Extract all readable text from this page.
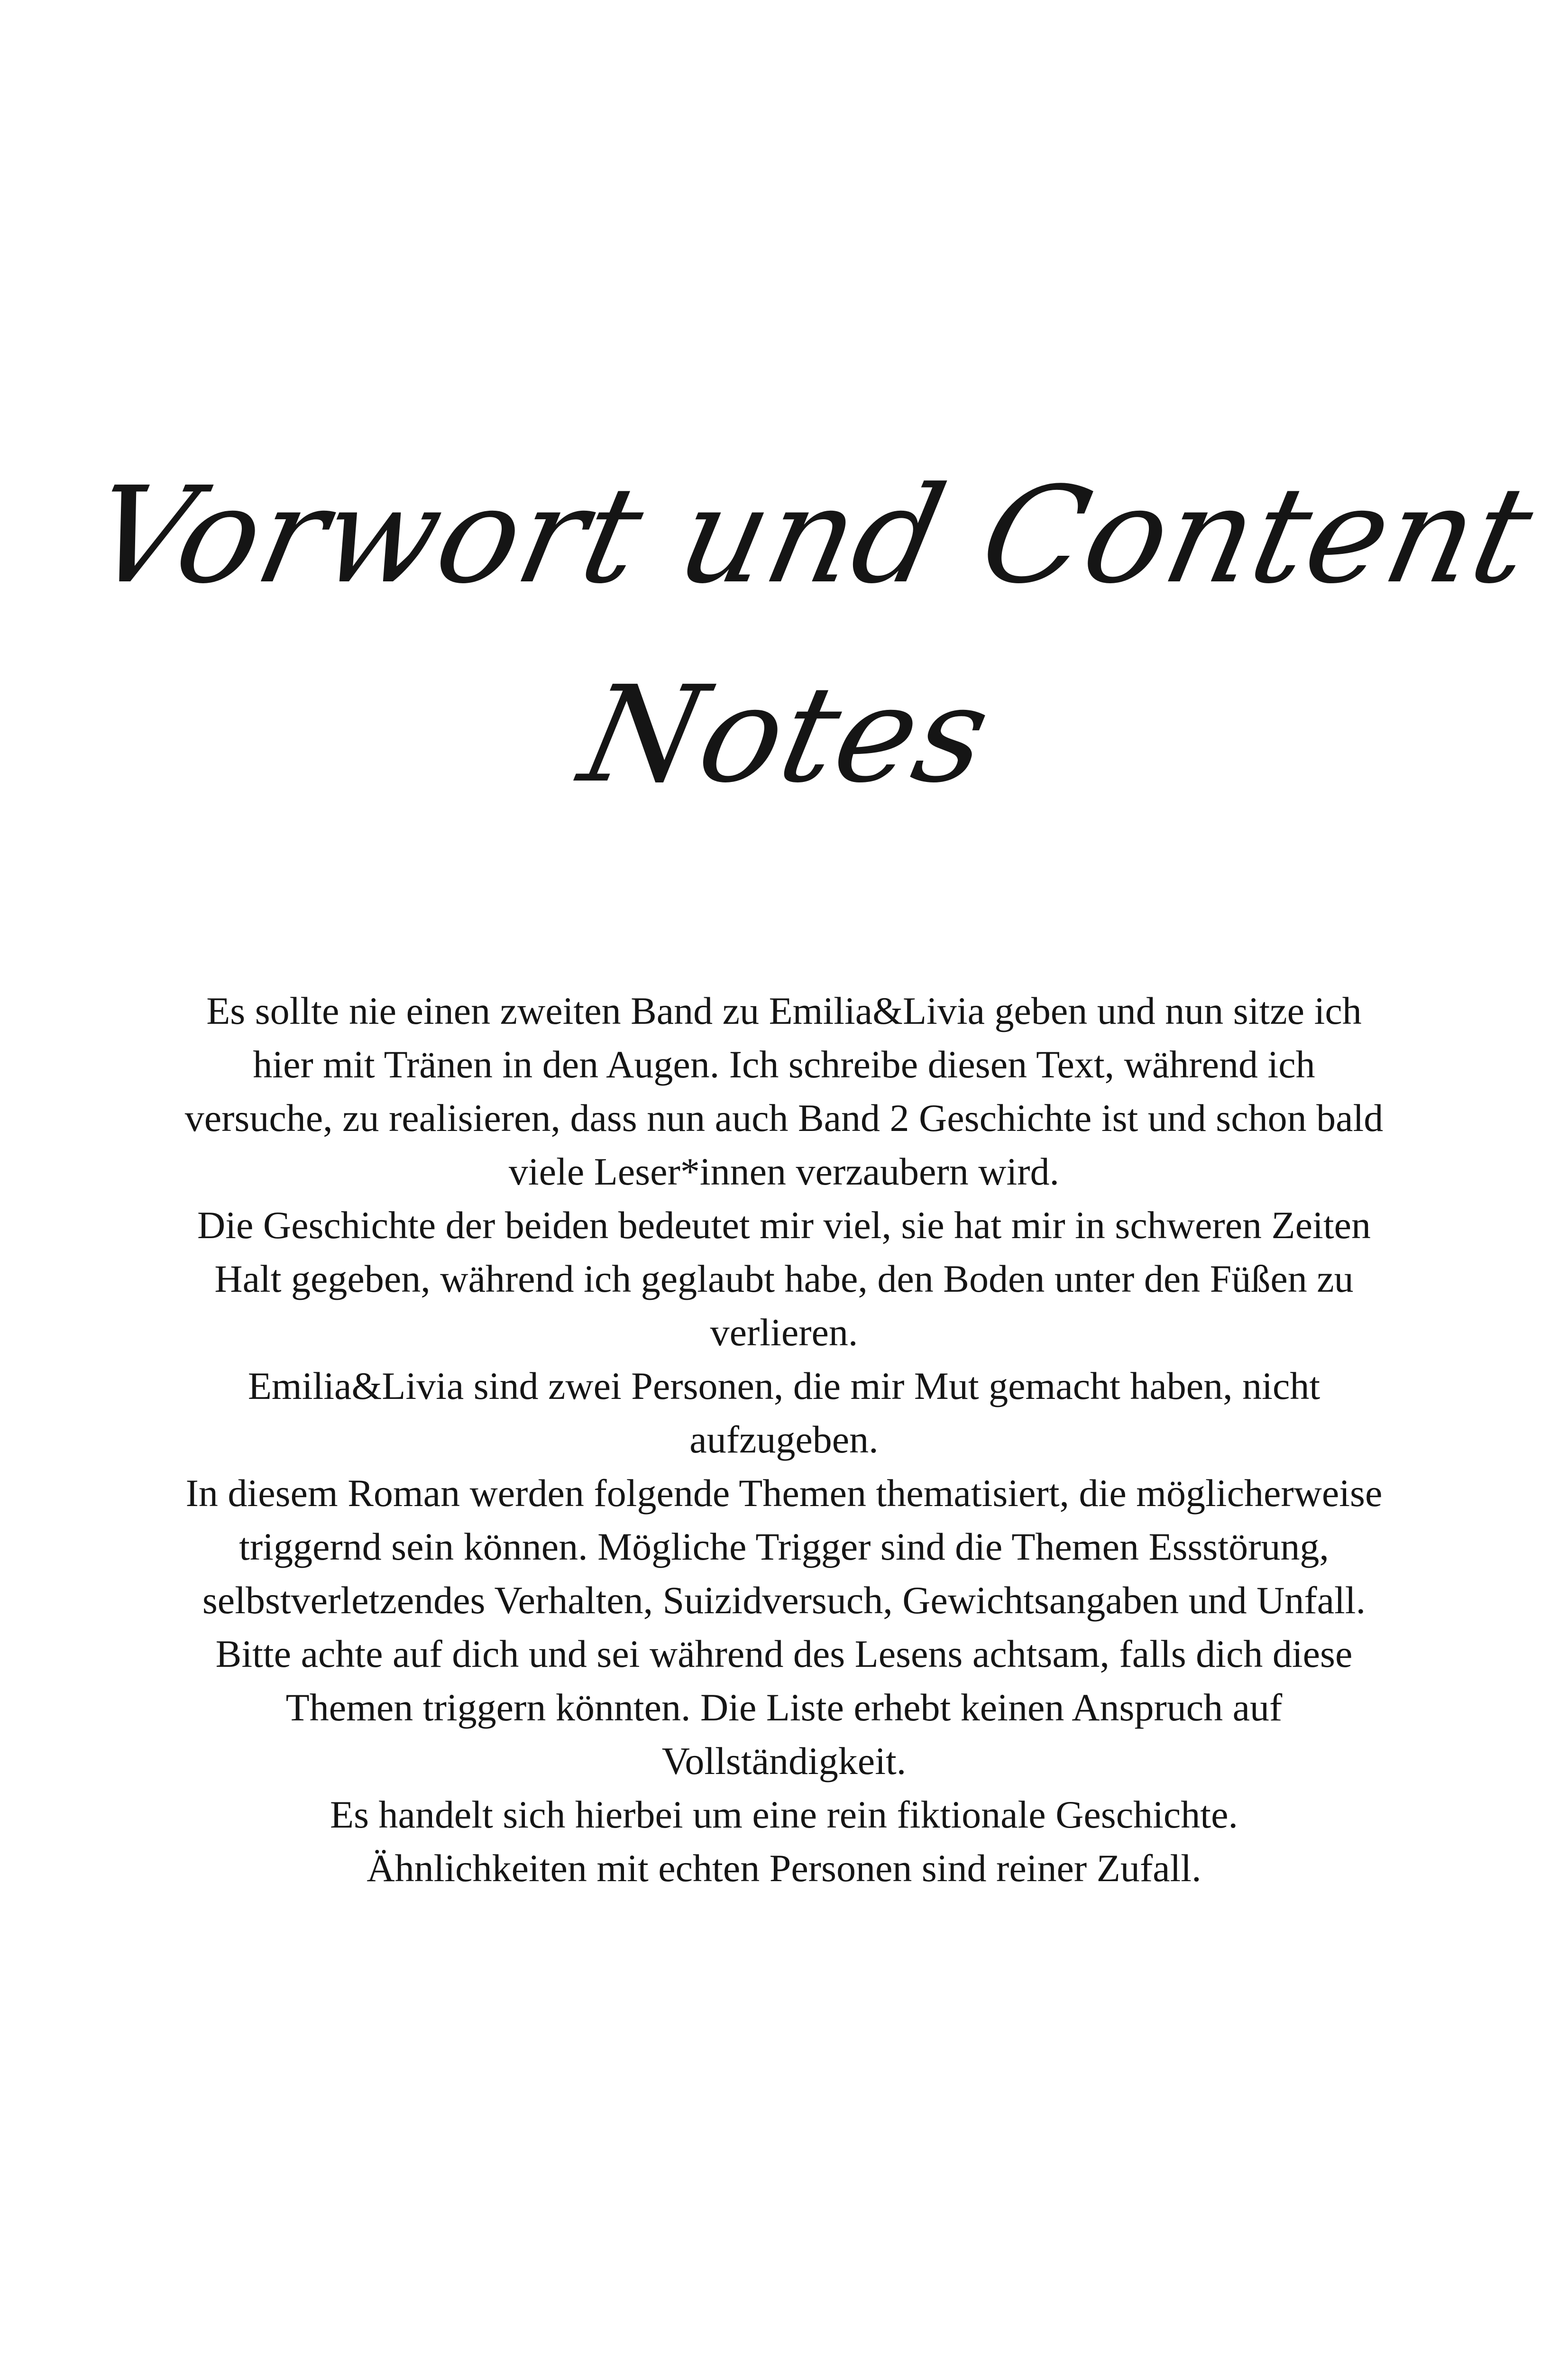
Vorwort und Content
Notes

Es sollte nie einen zweiten Band zu Emilia&Livia geben und nun sitze ich hier mit Tränen in den Augen. Ich schreibe diesen Text, während ich versuche, zu realisieren, dass nun auch Band 2 Geschichte ist und schon bald viele Leser*innen verzaubern wird.

Die Geschichte der beiden bedeutet mir viel, sie hat mir in schweren Zeiten Halt gegeben, während ich geglaubt habe, den Boden unter den Füßen zu verlieren.

Emilia&Livia sind zwei Personen, die mir Mut gemacht haben, nicht aufzugeben.

In diesem Roman werden folgende Themen thematisiert, die möglicherweise triggernd sein können. Mögliche Trigger sind die Themen Essstörung, selbstverletzendes Verhalten, Suizidversuch, Gewichtsangaben und Unfall.

Bitte achte auf dich und sei während des Lesens achtsam, falls dich diese Themen triggern könnten. Die Liste erhebt keinen Anspruch auf Vollständigkeit.

Es handelt sich hierbei um eine rein fiktionale Geschichte.

Ähnlichkeiten mit echten Personen sind reiner Zufall.
